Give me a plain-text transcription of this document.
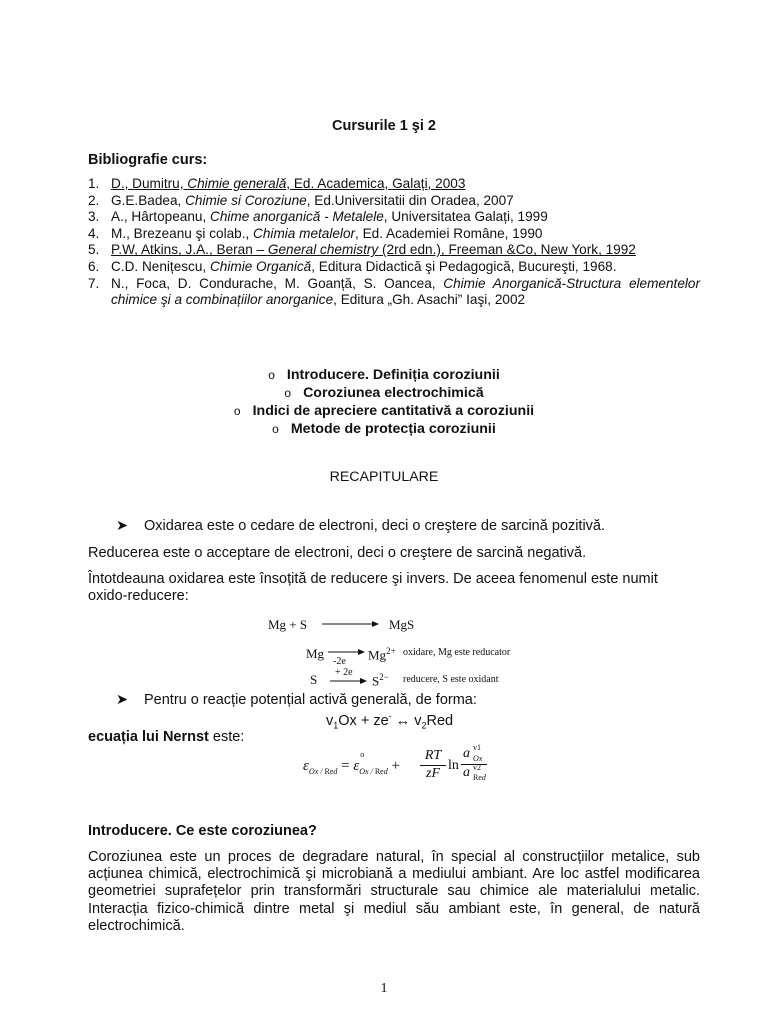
Cursurile 1 şi 2
Bibliografie curs:
1. D., Dumitru, Chimie generală, Ed. Academica, Galați, 2003
2. G.E.Badea, Chimie si Coroziune, Ed.Universitatii din Oradea, 2007
3. A., Hârtopeanu, Chime anorganică - Metalele, Universitatea Galați, 1999
4. M., Brezeanu şi colab., Chimia metalelor, Ed. Academiei Române, 1990
5. P.W, Atkins, J.A., Beran – General chemistry (2rd edn.), Freeman &Co, New York, 1992
6. C.D. Nenițescu, Chimie Organică, Editura Didactică şi Pedagogică, Bucureşti, 1968.
7. N., Foca, D. Condurache, M. Goanță, S. Oancea, Chimie Anorganică-Structura elementelor chimice şi a combinațiilor anorganice, Editura „Gh. Asachi” Iaşi, 2002
o Introducere. Definiția coroziunii
o Coroziunea electrochimică
o Indici de apreciere cantitativă a coroziunii
o Metode de protecția coroziunii
RECAPITULARE
➤ Oxidarea este o cedare de electroni, deci o creştere de sarcină pozitivă.
Reducerea este o acceptare de electroni, deci o creştere de sarcină negativă.
Întotdeauna oxidarea este însoțită de reducere şi invers. De aceea fenomenul este numit oxido-reducere:
Mg + S	MgS
Mg →
-2e $Mg^{2+}$ oxidare, Mg este reducator
S + 2e
→ $S^{2-}$ reducere, S este oxidant
➤ Pentru o reacție potențial activă generală, de forma:
$v_1Ox + ze^-$ ↔ $v_2Red$
ecuația lui Nernst este:
$\varepsilon_{Ox / Red} = \varepsilon$
o
$_{Ox / Red}$ +
RT
zF
ln
a v1
Ox

a v2
Red

Introducere. Ce este coroziunea?
Coroziunea este un proces de degradare natural, în special al construcțiilor metalice, sub acțiunea chimică, electrochimică şi microbiană a mediului ambiant. Are loc astfel modificarea geometriei suprafețelor prin transformări structurale sau chimice ale materialului metalic. Interacția fizico-chimică dintre metal şi mediul său ambiant este, în general, de natură electrochimică.
1
